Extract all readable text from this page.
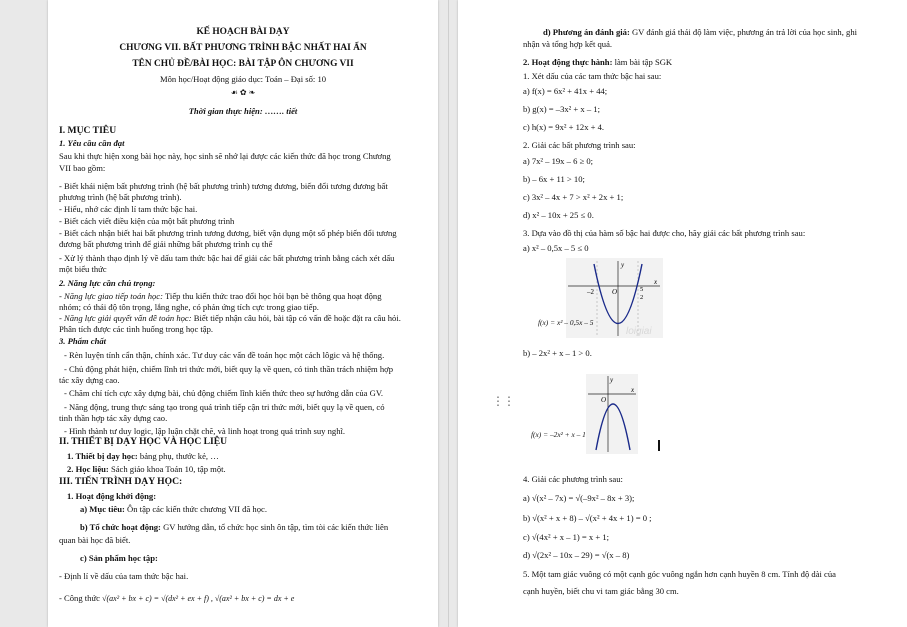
KẾ HOẠCH BÀI DẠY
CHƯƠNG VII. BẤT PHƯƠNG TRÌNH BẬC NHẤT HAI ẨN
TÊN CHỦ ĐỀ/BÀI HỌC: BÀI TẬP ÔN CHƯƠNG VII
Môn học/Hoạt động giáo dục: Toán – Đại số: 10
☙ ✿ ❧
Thời gian thực hiện: ……. tiết
I. MỤC TIÊU
1. Yêu cầu cần đạt
Sau khi thực hiện xong bài học này, học sinh sẽ nhớ lại được các kiến thức đã học trong Chương
VII bao gồm:
- Biết khái niệm bất phương trình (hệ bất phương trình) tương đương, biến đổi tương đương bất
phương trình (hệ bất phương trình).
- Hiểu, nhớ các định lí tam thức bậc hai.
- Biết cách viết điều kiện của một bất phương trình
- Biết cách nhận biết hai bất phương trình tương đương, biết vận dụng một số phép biến đổi tương
đương bất phương trình để giải những bất phương trình cụ thể
- Xử lý thành thạo định lý về dấu tam thức bậc hai để giải các bất phương trình bằng cách xét dấu
một biểu thức
2. Năng lực cần chú trọng:
- Năng lực giao tiếp toán học: Tiếp thu kiến thức trao đổi học hỏi bạn bè thông qua hoạt động
nhóm; có thái độ tôn trọng, lắng nghe, có phản ứng tích cực trong giao tiếp.
- Năng lực giải quyết vấn đề toán học: Biết tiếp nhận câu hỏi, bài tập có vấn đề hoặc đặt ra câu hỏi.
Phân tích được các tình huống trong học tập.
3. Phẩm chất
- Rèn luyện tính cẩn thận, chính xác. Tư duy các vấn đề toán học một cách lôgic và hệ thống.
- Chủ động phát hiện, chiếm lĩnh tri thức mới, biết quy lạ về quen, có tinh thần trách nhiệm hợp
tác xây dựng cao.
- Chăm chỉ tích cực xây dựng bài, chủ động chiếm lĩnh kiến thức theo sự hướng dẫn của GV.
- Năng động, trung thực sáng tạo trong quá trình tiếp cận tri thức mới, biết quy lạ về quen, có
tinh thần hợp tác xây dựng cao.
- Hình thành tư duy logic, lập luận chặt chẽ, và linh hoạt trong quá trình suy nghĩ.
II. THIẾT BỊ DẠY HỌC VÀ HỌC LIỆU
1. Thiết bị dạy học: bảng phụ, thước kẻ, …
2. Học liệu: Sách giáo khoa Toán 10, tập một.
III. TIẾN TRÌNH DẠY HỌC:
1. Hoạt động khởi động:
a) Mục tiêu: Ôn tập các kiến thức chương VII đã học.
b) Tổ chức hoạt động: GV hướng dẫn, tổ chức học sinh ôn tập, tìm tòi các kiến thức liên
quan bài học đã biết.
c) Sản phẩm học tập:
- Định lí về dấu của tam thức bậc hai.
- Công thức √(ax² + bx + c) = √(dx² + ex + f) , √(ax² + bx + c) = dx + e
d) Phương án đánh giá: GV đánh giá thái độ làm việc, phương án trả lời của học sinh, ghi
nhận và tổng hợp kết quả.
2. Hoạt động thực hành: làm bài tập SGK
1. Xét dấu của các tam thức bậc hai sau:
a) f(x) = 6x² + 41x + 44;
b) g(x) = –3x² + x – 1;
c) h(x) = 9x² + 12x + 4.
2. Giải các bất phương trình sau:
a) 7x² – 19x – 6 ≥ 0;
b) – 6x + 11 > 10;
c) 3x² – 4x + 7 > x² + 2x + 1;
d) x² – 10x + 25 ≤ 0.
3. Dựa vào đồ thị của hàm số bậc hai được cho, hãy giải các bất phương trình sau:
a) x² – 0,5x – 5 ≤ 0
–2	O	5
2
y
x
loigiai
f(x) = x² – 0,5x – 5
b) – 2x² + x – 1 > 0.
O
y
x
f(x) = –2x² + x – 1
4. Giải các phương trình sau:
a) √(x² – 7x) = √(–9x² – 8x + 3);
b) √(x² + x + 8) – √(x² + 4x + 1) = 0 ;
c) √(4x² + x – 1) = x + 1;
d) √(2x² – 10x – 29) = √(x – 8)
5. Một tam giác vuông có một cạnh góc vuông ngắn hơn cạnh huyền 8 cm. Tính độ dài của
cạnh huyền, biết chu vi tam giác bằng 30 cm.
⋮⋮
